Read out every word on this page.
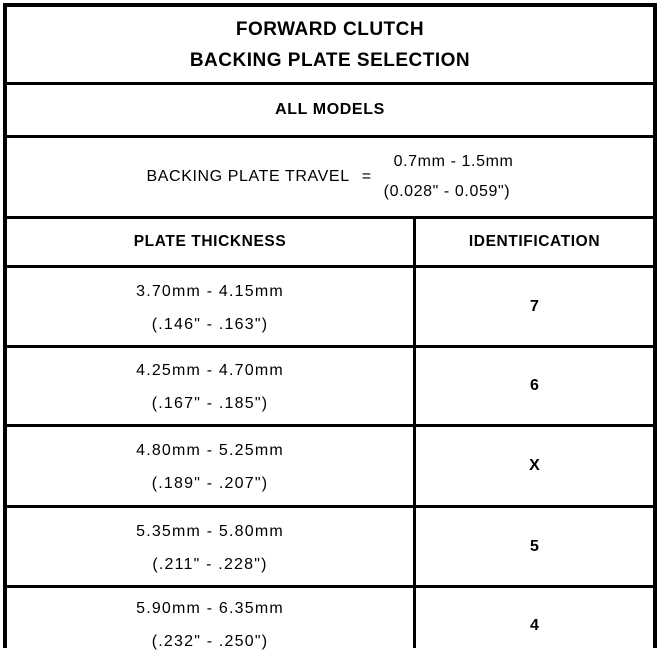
FORWARD CLUTCH
BACKING PLATE SELECTION
ALL MODELS
BACKING PLATE TRAVEL =
0.7mm - 1.5mm
(0.028" - 0.059")
PLATE THICKNESS	IDENTIFICATION
3.70mm - 4.15mm
(.146" - .163")
7
4.25mm - 4.70mm
(.167" - .185")
6
4.80mm - 5.25mm
(.189" - .207")
X
5.35mm - 5.80mm
(.211" - .228")
5
5.90mm - 6.35mm
(.232" - .250")
4
